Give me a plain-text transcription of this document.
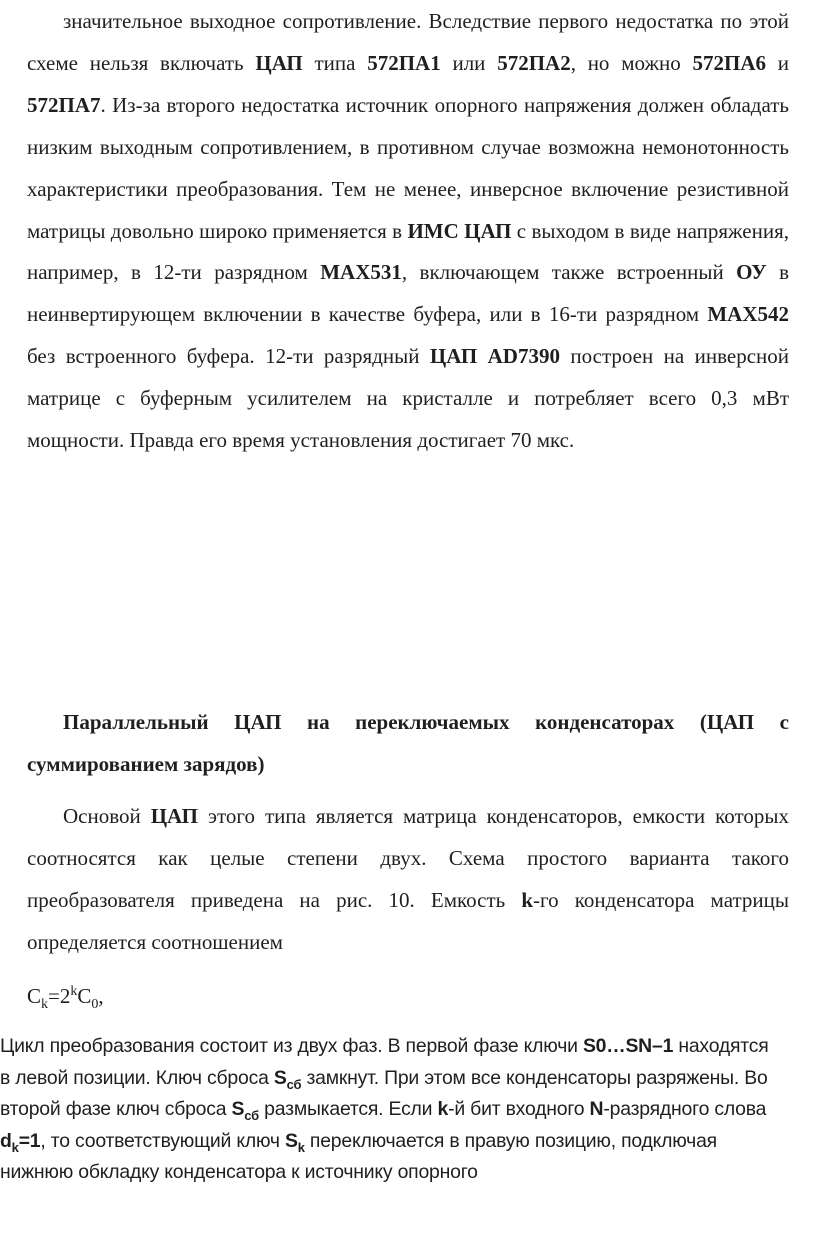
значительное выходное сопротивление. Вследствие первого недостатка по этой схеме нельзя включать ЦАП типа 572ПА1 или 572ПА2, но можно 572ПА6 и 572ПА7. Из-за второго недостатка источник опорного напряжения должен обладать низким выходным сопротивлением, в противном случае возможна немонотонность характеристики преобразования. Тем не менее, инверсное включение резистивной матрицы довольно широко применяется в ИМС ЦАП с выходом в виде напряжения, например, в 12-ти разрядном MAX531, включающем также встроенный ОУ в неинвертирующем включении в качестве буфера, или в 16-ти разрядном MAX542 без встроенного буфера. 12-ти разрядный ЦАП AD7390 построен на инверсной матрице с буферным усилителем на кристалле и потребляет всего 0,3 мВт мощности. Правда его время установления достигает 70 мкс.

Параллельный ЦАП на переключаемых конденсаторах (ЦАП с суммированием зарядов)

Основой ЦАП этого типа является матрица конденсаторов, емкости которых соотносятся как целые степени двух. Схема простого варианта такого преобразователя приведена на рис. 10. Емкость k-го конденсатора матрицы определяется соотношением

$C_k=2^kC_0$,

Цикл преобразования состоит из двух фаз. В первой фазе ключи S0…SN–1 находятся в левой позиции. Ключ сброса $S_{сб}$ замкнут. При этом все конденсаторы разряжены. Во второй фазе ключ сброса $S_{сб}$ размыкается. Если k-й бит входного N-разрядного слова $d_k=1$, то соответствующий ключ $S_k$ переключается в правую позицию, подключая нижнюю обкладку конденсатора к источнику опорного
